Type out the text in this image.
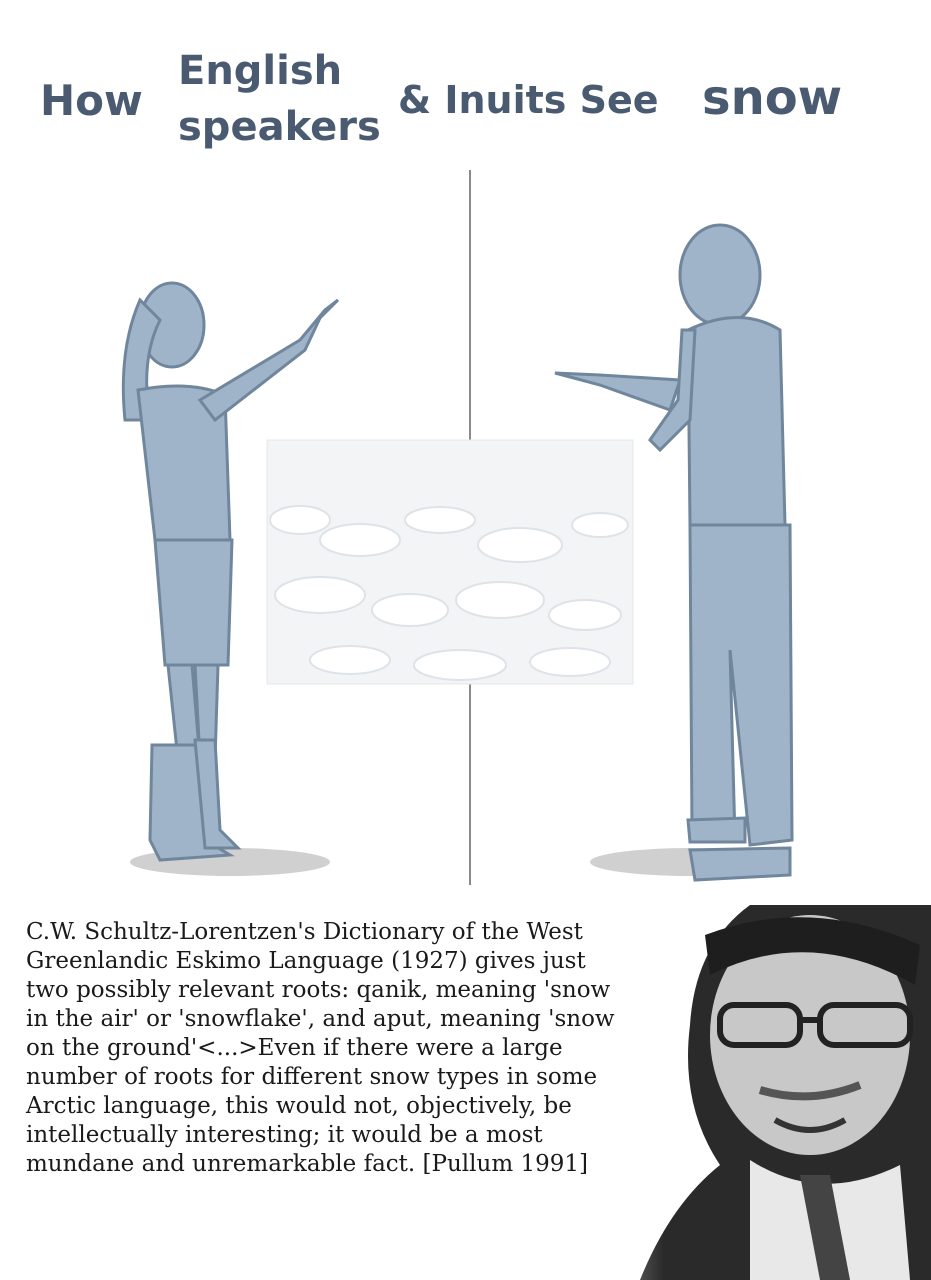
How
English
speakers
& Inuits See snow

C.W. Schultz-Lorentzen's Dictionary of the West Greenlandic Eskimo Language (1927) gives just two possibly relevant roots: qanik, meaning 'snow in the air' or 'snowflake', and aput, meaning 'snow on the ground'<...>Even if there were a large number of roots for different snow types in some Arctic language, this would not, objectively, be intellectually interesting; it would be a most mundane and unremarkable fact. [Pullum 1991]
